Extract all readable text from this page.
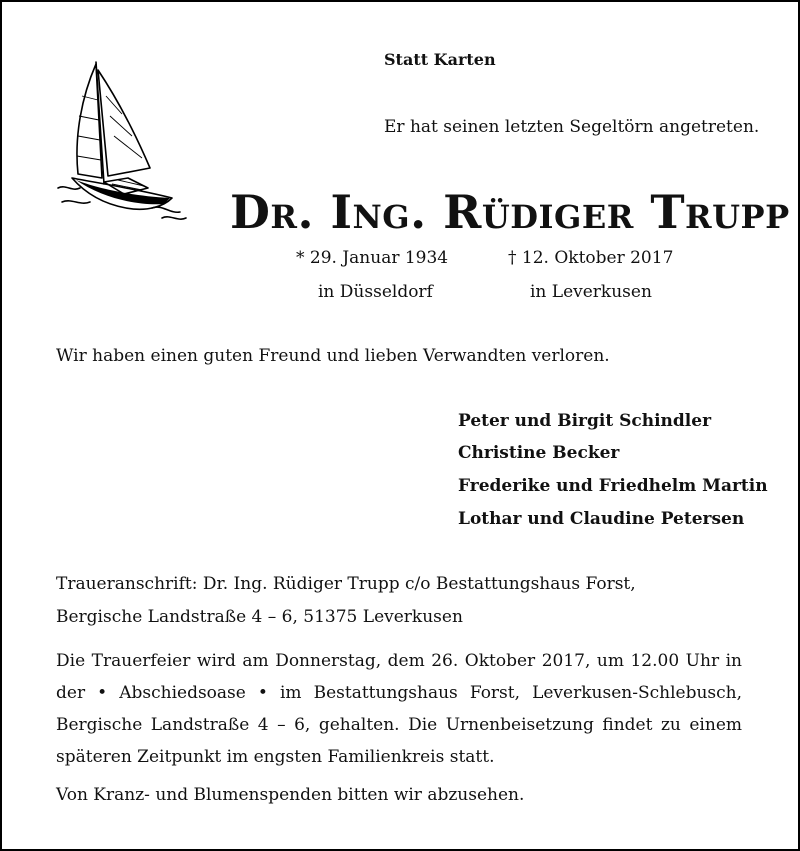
Statt Karten
Er hat seinen letzten Segeltörn angetreten.
Dr. Ing. Rüdiger Trupp
* 29. Januar 1934	† 12. Oktober 2017
in Düsseldorf	in Leverkusen
Wir haben einen guten Freund und lieben Verwandten verloren.
Peter und Birgit Schindler
Christine Becker
Frederike und Friedhelm Martin
Lothar und Claudine Petersen
Traueranschrift: Dr. Ing. Rüdiger Trupp c/o Bestattungshaus Forst,
Bergische Landstraße 4 – 6, 51375 Leverkusen
Die Trauerfeier wird am Donnerstag, dem 26. Oktober 2017, um 12.00 Uhr in der • Abschiedsoase • im Bestattungshaus Forst, Leverkusen-Schlebusch, Bergische Landstraße 4 – 6, gehalten. Die Urnenbeisetzung findet zu einem späteren Zeitpunkt im engsten Familienkreis statt.
Von Kranz- und Blumenspenden bitten wir abzusehen.
